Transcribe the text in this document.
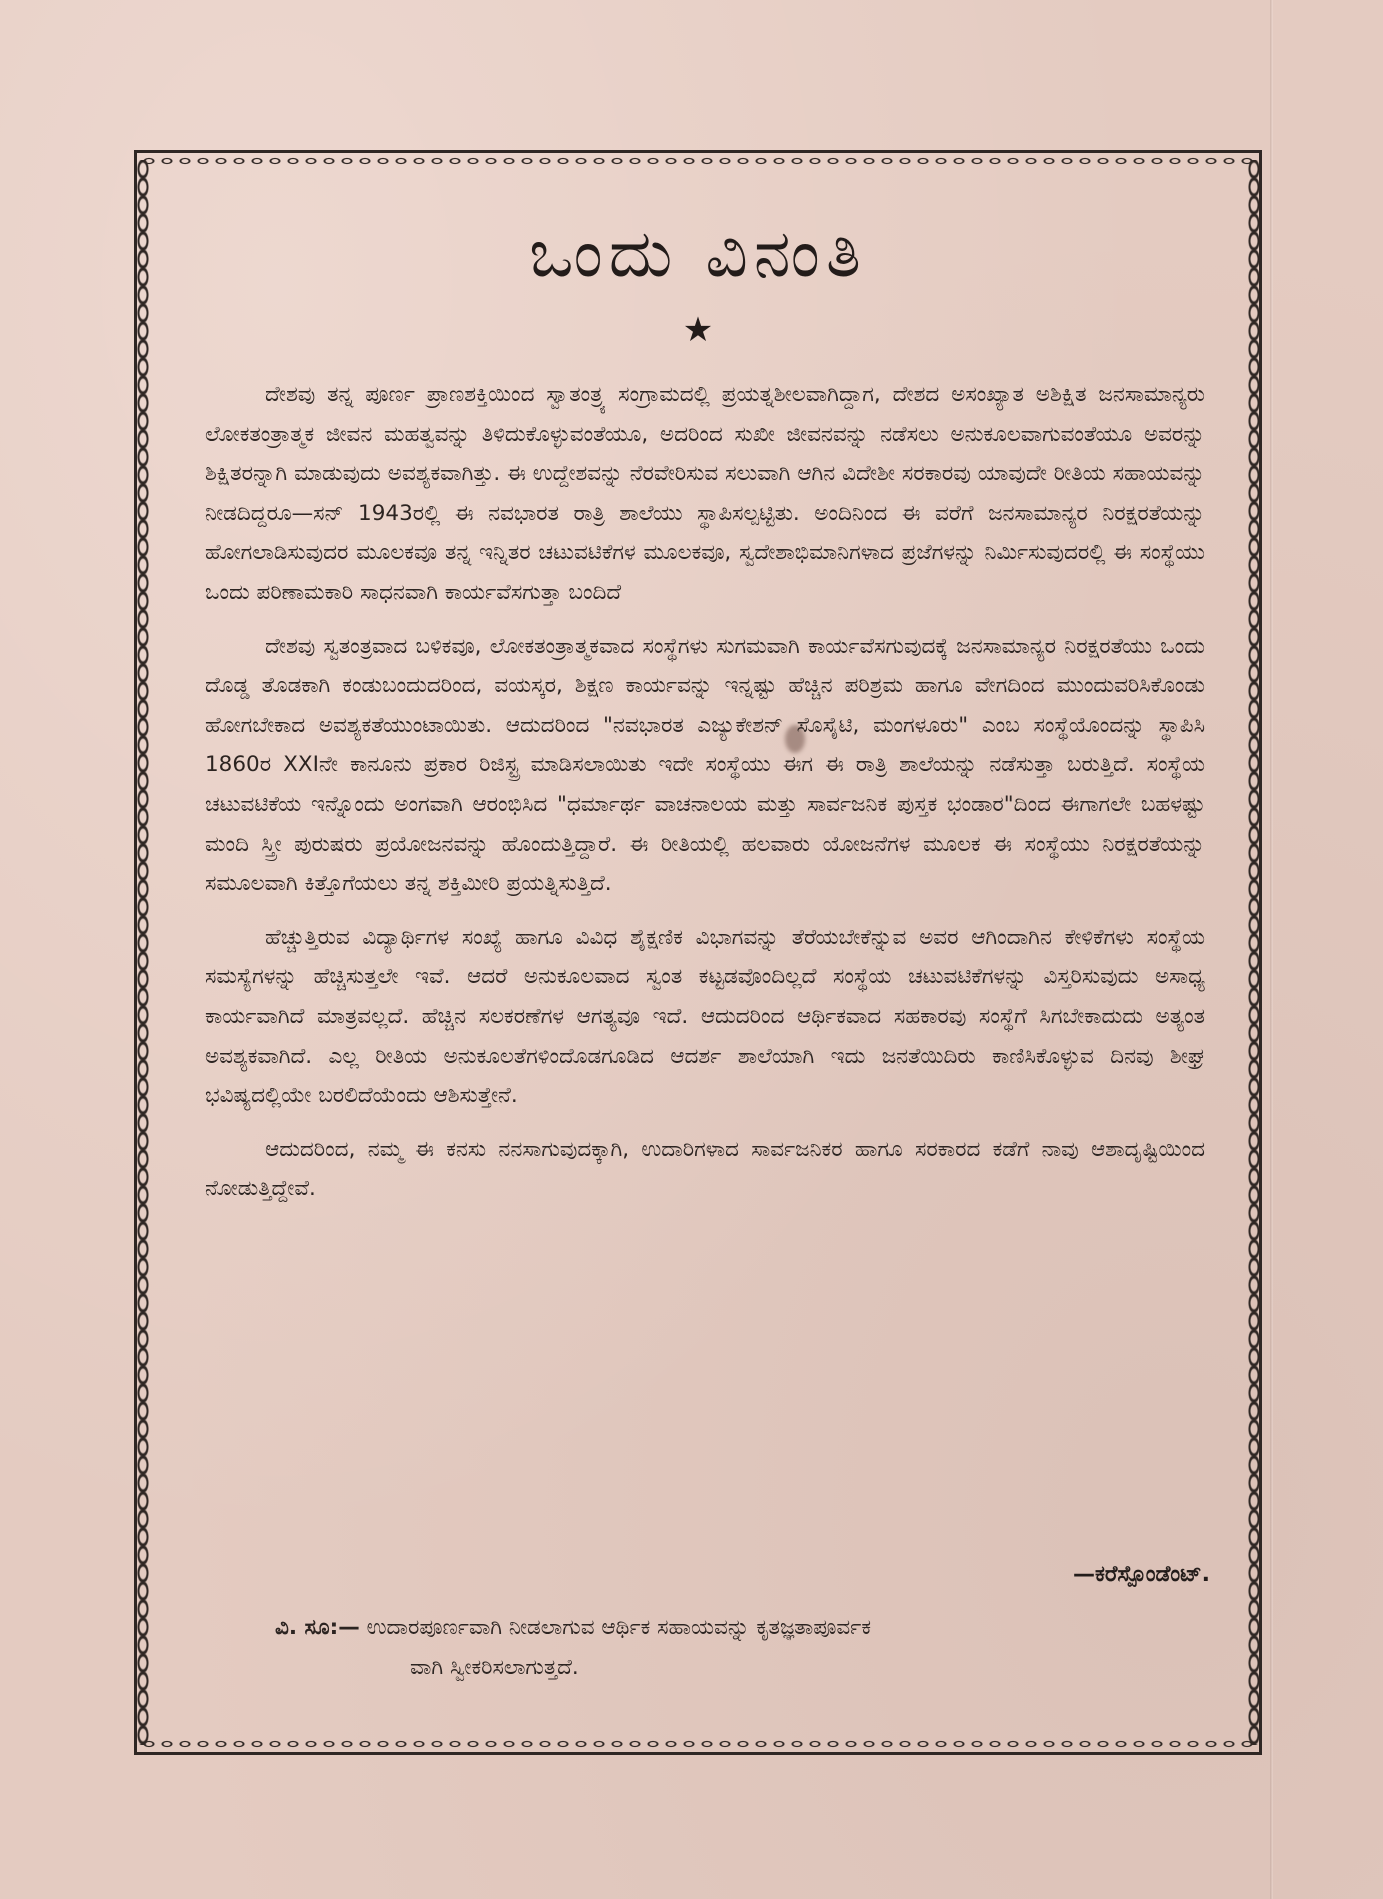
ಒಂದು ವಿನಂತಿ
★

ದೇಶವು ತನ್ನ ಪೂರ್ಣ ಪ್ರಾಣಶಕ್ತಿಯಿಂದ ಸ್ವಾತಂತ್ರ್ಯ ಸಂಗ್ರಾಮದಲ್ಲಿ ಪ್ರಯತ್ನಶೀಲವಾಗಿದ್ದಾಗ, ದೇಶದ ಅಸಂಖ್ಯಾತ ಅಶಿಕ್ಷಿತ ಜನಸಾಮಾನ್ಯರು ಲೋಕತಂತ್ರಾತ್ಮಕ ಜೀವನ ಮಹತ್ವವನ್ನು ತಿಳಿದುಕೊಳ್ಳುವಂತೆಯೂ, ಅದರಿಂದ ಸುಖೀ ಜೀವನವನ್ನು ನಡೆಸಲು ಅನುಕೂಲವಾಗುವಂತೆಯೂ ಅವರನ್ನು ಶಿಕ್ಷಿತರನ್ನಾಗಿ ಮಾಡುವುದು ಅವಶ್ಯಕವಾಗಿತ್ತು. ಈ ಉದ್ದೇಶವನ್ನು ನೆರವೇರಿಸುವ ಸಲುವಾಗಿ ಆಗಿನ ವಿದೇಶೀ ಸರಕಾರವು ಯಾವುದೇ ರೀತಿಯ ಸಹಾಯವನ್ನು ನೀಡದಿದ್ದರೂ—ಸನ್ 1943ರಲ್ಲಿ ಈ ನವಭಾರತ ರಾತ್ರಿ ಶಾಲೆಯು ಸ್ಥಾಪಿಸಲ್ಪಟ್ಟಿತು. ಅಂದಿನಿಂದ ಈ ವರೆಗೆ ಜನಸಾಮಾನ್ಯರ ನಿರಕ್ಷರತೆಯನ್ನು ಹೋಗಲಾಡಿಸುವುದರ ಮೂಲಕವೂ ತನ್ನ ಇನ್ನಿತರ ಚಟುವಟಿಕೆಗಳ ಮೂಲಕವೂ, ಸ್ವದೇಶಾಭಿಮಾನಿಗಳಾದ ಪ್ರಜೆಗಳನ್ನು ನಿರ್ಮಿಸುವುದರಲ್ಲಿ ಈ ಸಂಸ್ಥೆಯು ಒಂದು ಪರಿಣಾಮಕಾರಿ ಸಾಧನವಾಗಿ ಕಾರ್ಯವೆಸಗುತ್ತಾ ಬಂದಿದೆ

ದೇಶವು ಸ್ವತಂತ್ರವಾದ ಬಳಿಕವೂ, ಲೋಕತಂತ್ರಾತ್ಮಕವಾದ ಸಂಸ್ಥೆಗಳು ಸುಗಮವಾಗಿ ಕಾರ್ಯವೆಸಗುವುದಕ್ಕೆ ಜನಸಾಮಾನ್ಯರ ನಿರಕ್ಷರತೆಯು ಒಂದು ದೊಡ್ಡ ತೊಡಕಾಗಿ ಕಂಡುಬಂದುದರಿಂದ, ವಯಸ್ಕರ, ಶಿಕ್ಷಣ ಕಾರ್ಯವನ್ನು ಇನ್ನಷ್ಟು ಹೆಚ್ಚಿನ ಪರಿಶ್ರಮ ಹಾಗೂ ವೇಗದಿಂದ ಮುಂದುವರಿಸಿಕೊಂಡು ಹೋಗಬೇಕಾದ ಅವಶ್ಯಕತೆಯುಂಟಾಯಿತು. ಆದುದರಿಂದ "ನವಭಾರತ ಎಜ್ಯುಕೇಶನ್ ಸೊಸೈಟಿ, ಮಂಗಳೂರು" ಎಂಬ ಸಂಸ್ಥೆಯೊಂದನ್ನು ಸ್ಥಾಪಿಸಿ 1860ರ XXIನೇ ಕಾನೂನು ಪ್ರಕಾರ ರಿಜಿಸ್ಟ್ರ ಮಾಡಿಸಲಾಯಿತು ಇದೇ ಸಂಸ್ಥೆಯು ಈಗ ಈ ರಾತ್ರಿ ಶಾಲೆಯನ್ನು ನಡೆಸುತ್ತಾ ಬರುತ್ತಿದೆ. ಸಂಸ್ಥೆಯ ಚಟುವಟಿಕೆಯ ಇನ್ನೊಂದು ಅಂಗವಾಗಿ ಆರಂಭಿಸಿದ "ಧರ್ಮಾರ್ಥ ವಾಚನಾಲಯ ಮತ್ತು ಸಾರ್ವಜನಿಕ ಪುಸ್ತಕ ಭಂಡಾರ"ದಿಂದ ಈಗಾಗಲೇ ಬಹಳಷ್ಟು ಮಂದಿ ಸ್ತ್ರೀ ಪುರುಷರು ಪ್ರಯೋಜನವನ್ನು ಹೊಂದುತ್ತಿದ್ದಾರೆ. ಈ ರೀತಿಯಲ್ಲಿ ಹಲವಾರು ಯೋಜನೆಗಳ ಮೂಲಕ ಈ ಸಂಸ್ಥೆಯು ನಿರಕ್ಷರತೆಯನ್ನು ಸಮೂಲವಾಗಿ ಕಿತ್ತೊಗೆಯಲು ತನ್ನ ಶಕ್ತಿಮೀರಿ ಪ್ರಯತ್ನಿಸುತ್ತಿದೆ.

ಹೆಚ್ಚುತ್ತಿರುವ ವಿದ್ಯಾರ್ಥಿಗಳ ಸಂಖ್ಯೆ ಹಾಗೂ ವಿವಿಧ ಶೈಕ್ಷಣಿಕ ವಿಭಾಗವನ್ನು ತೆರೆಯಬೇಕೆನ್ನುವ ಅವರ ಆಗಿಂದಾಗಿನ ಕೇಳಿಕೆಗಳು ಸಂಸ್ಥೆಯ ಸಮಸ್ಯೆಗಳನ್ನು ಹೆಚ್ಚಿಸುತ್ತಲೇ ಇವೆ. ಆದರೆ ಅನುಕೂಲವಾದ ಸ್ವಂತ ಕಟ್ಟಡವೊಂದಿಲ್ಲದೆ ಸಂಸ್ಥೆಯ ಚಟುವಟಿಕೆಗಳನ್ನು ವಿಸ್ತರಿಸುವುದು ಅಸಾಧ್ಯ ಕಾರ್ಯವಾಗಿದೆ ಮಾತ್ರವಲ್ಲದೆ. ಹೆಚ್ಚಿನ ಸಲಕರಣೆಗಳ ಆಗತ್ಯವೂ ಇದೆ. ಆದುದರಿಂದ ಆರ್ಥಿಕವಾದ ಸಹಕಾರವು ಸಂಸ್ಥೆಗೆ ಸಿಗಬೇಕಾದುದು ಅತ್ಯಂತ ಅವಶ್ಯಕವಾಗಿದೆ. ಎಲ್ಲ ರೀತಿಯ ಅನುಕೂಲತೆಗಳಿಂದೊಡಗೂಡಿದ ಆದರ್ಶ ಶಾಲೆಯಾಗಿ ಇದು ಜನತೆಯಿದಿರು ಕಾಣಿಸಿಕೊಳ್ಳುವ ದಿನವು ಶೀಘ್ರ ಭವಿಷ್ಯದಲ್ಲಿಯೇ ಬರಲಿದೆಯೆಂದು ಆಶಿಸುತ್ತೇನೆ.

ಆದುದರಿಂದ, ನಮ್ಮ ಈ ಕನಸು ನನಸಾಗುವುದಕ್ಕಾಗಿ, ಉದಾರಿಗಳಾದ ಸಾರ್ವಜನಿಕರ ಹಾಗೂ ಸರಕಾರದ ಕಡೆಗೆ ನಾವು ಆಶಾದೃಷ್ಟಿಯಿಂದ ನೋಡುತ್ತಿದ್ದೇವೆ.

—ಕರೆಸ್ಪೊಂಡೆಂಟ್.
ವಿ. ಸೂ:— ಉದಾರಪೂರ್ಣವಾಗಿ ನೀಡಲಾಗುವ ಆರ್ಥಿಕ ಸಹಾಯವನ್ನು ಕೃತಜ್ಞತಾಪೂರ್ವಕ
ವಾಗಿ ಸ್ವೀಕರಿಸಲಾಗುತ್ತದೆ.
